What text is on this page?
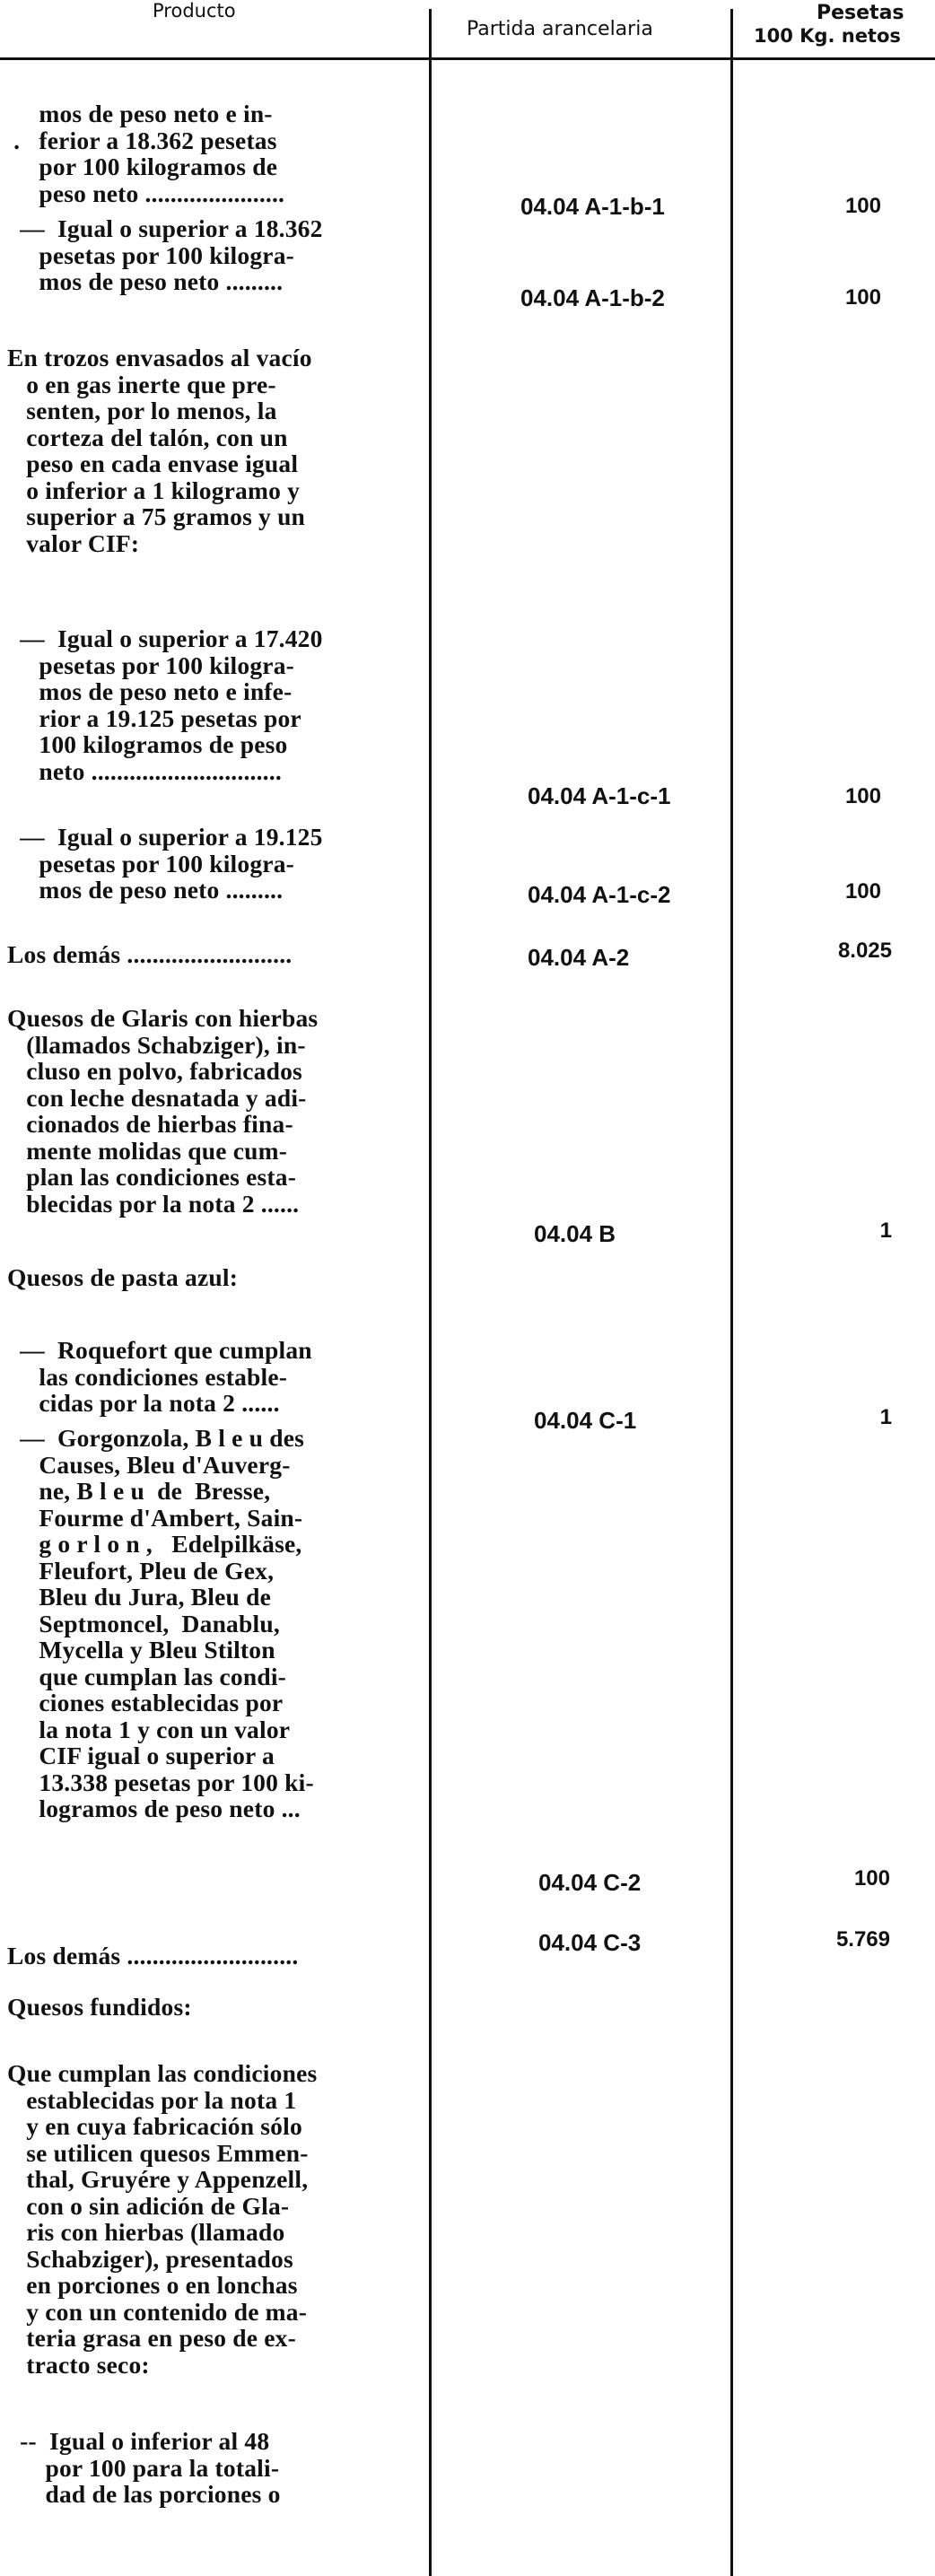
Producto
Partida arancelaria
Pesetas
100 Kg. netos
mos de peso neto e in-
.   ferior a 18.362 pesetas
por 100 kilogramos de
peso neto ......................
—  Igual o superior a 18.362
pesetas por 100 kilogra-
mos de peso neto .........
En trozos envasados al vacío
o en gas inerte que pre-
senten, por lo menos, la
corteza del talón, con un
peso en cada envase igual
o inferior a 1 kilogramo y
superior a 75 gramos y un
valor CIF:
—  Igual o superior a 17.420
pesetas por 100 kilogra-
mos de peso neto e infe-
rior a 19.125 pesetas por
100 kilogramos de peso
neto ..............................
—  Igual o superior a 19.125
pesetas por 100 kilogra-
mos de peso neto .........
Los demás ..........................
Quesos de Glaris con hierbas
(llamados Schabziger), in-
cluso en polvo, fabricados
con leche desnatada y adi-
cionados de hierbas fina-
mente molidas que cum-
plan las condiciones esta-
blecidas por la nota 2 ......
Quesos de pasta azul:
—  Roquefort que cumplan
las condiciones estable-
cidas por la nota 2 ......
—  Gorgonzola, B l e u des
Causes, Bleu d'Auverg-
ne, B l e u  de  Bresse,
Fourme d'Ambert, Sain-
g o r l o n ,   Edelpilkäse,
Fleufort, Pleu de Gex,
Bleu du Jura, Bleu de
Septmoncel,  Danablu,
Mycella y Bleu Stilton
que cumplan las condi-
ciones establecidas por
la nota 1 y con un valor
CIF igual o superior a
13.338 pesetas por 100 ki-
logramos de peso neto ...
Los demás ...........................
Quesos fundidos:
Que cumplan las condiciones
establecidas por la nota 1
y en cuya fabricación sólo
se utilicen quesos Emmen-
thal, Gruyére y Appenzell,
con o sin adición de Gla-
ris con hierbas (llamado
Schabziger), presentados
en porciones o en lonchas
y con un contenido de ma-
teria grasa en peso de ex-
tracto seco:
--  Igual o inferior al 48
por 100 para la totali-
dad de las porciones o
04.04 A-1-b-1
04.04 A-1-b-2
04.04 A-1-c-1
04.04 A-1-c-2
04.04 A-2
04.04 B
04.04 C-1
04.04 C-2
04.04 C-3
100
100
100
100
8.025
1
1
100
5.769
